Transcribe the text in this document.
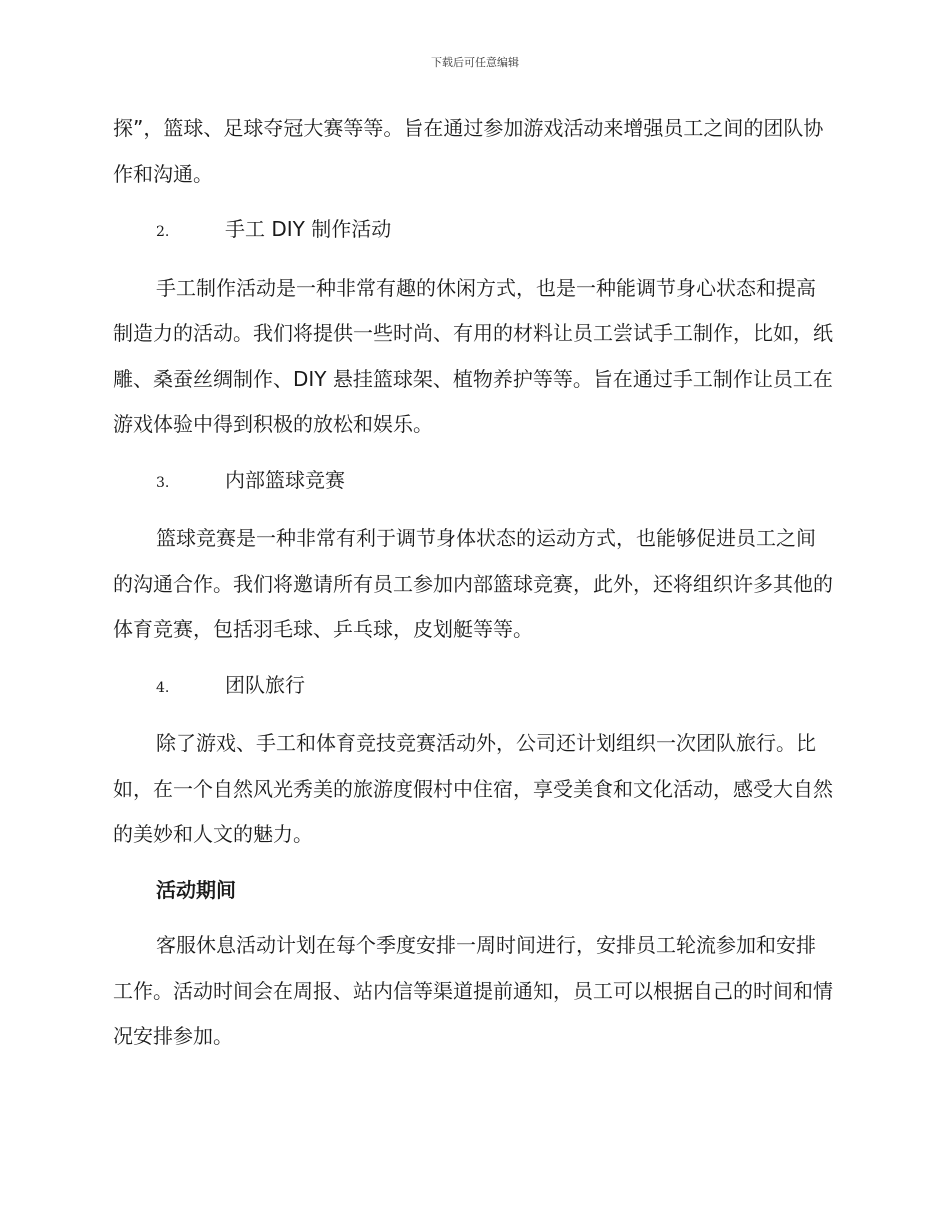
下载后可任意编辑

探”，篮球、足球夺冠大赛等等。旨在通过参加游戏活动来增强员工之间的团队协作和沟通。

2.	手工 DIY 制作活动

手工制作活动是一种非常有趣的休闲方式，也是一种能调节身心状态和提高制造力的活动。我们将提供一些时尚、有用的材料让员工尝试手工制作，比如，纸雕、桑蚕丝绸制作、DIY 悬挂篮球架、植物养护等等。旨在通过手工制作让员工在游戏体验中得到积极的放松和娱乐。

3.	内部篮球竞赛

篮球竞赛是一种非常有利于调节身体状态的运动方式，也能够促进员工之间的沟通合作。我们将邀请所有员工参加内部篮球竞赛，此外，还将组织许多其他的体育竞赛，包括羽毛球、乒乓球，皮划艇等等。

4.	团队旅行

除了游戏、手工和体育竞技竞赛活动外，公司还计划组织一次团队旅行。比如，在一个自然风光秀美的旅游度假村中住宿，享受美食和文化活动，感受大自然的美妙和人文的魅力。

活动期间

客服休息活动计划在每个季度安排一周时间进行，安排员工轮流参加和安排工作。活动时间会在周报、站内信等渠道提前通知，员工可以根据自己的时间和情况安排参加。
